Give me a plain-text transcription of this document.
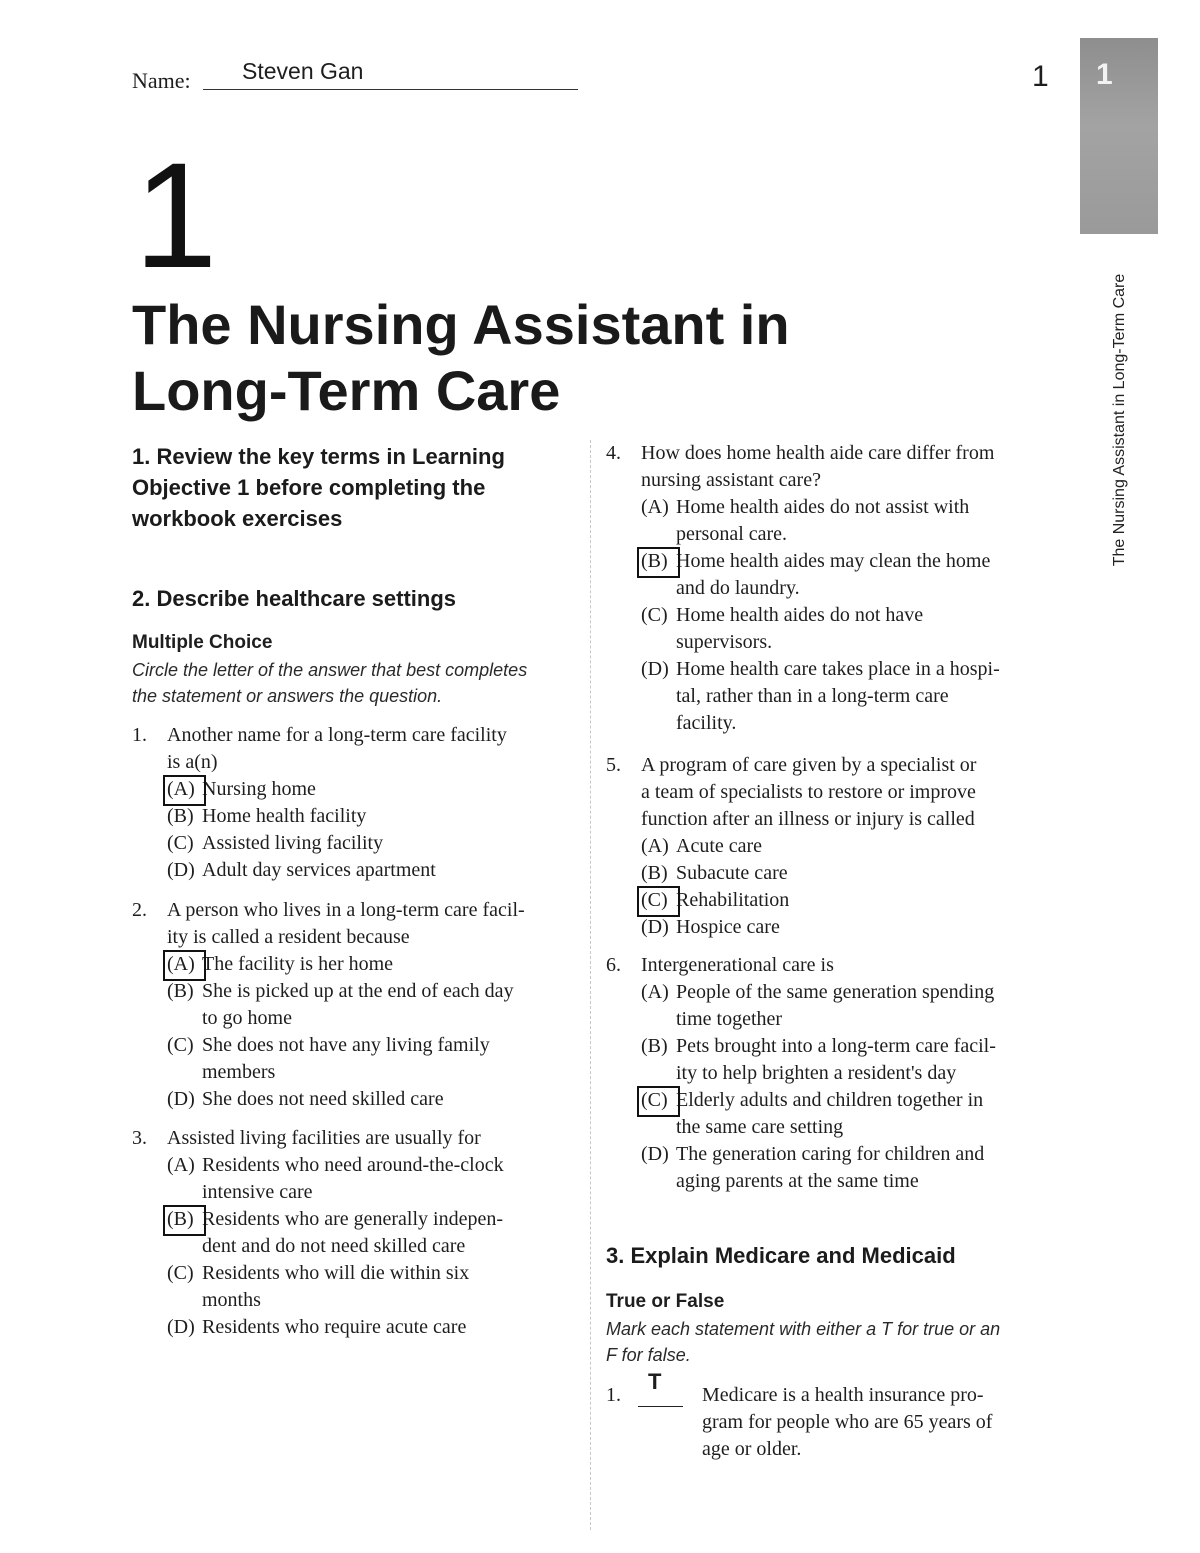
Name: Steven Gan	1 1
The Nursing Assistant in Long-Term Care
1
The Nursing Assistant in
Long-Term Care
1. Review the key terms in Learning
Objective 1 before completing the
workbook exercises
2. Describe healthcare settings
Multiple Choice
Circle the letter of the answer that best completes
the statement or answers the question.
1. Another name for a long-term care facility
is a(n)
(A) Nursing home
(B) Home health facility
(C) Assisted living facility
(D) Adult day services apartment
2. A person who lives in a long-term care facil-
ity is called a resident because
(A) The facility is her home
(B) She is picked up at the end of each day
to go home
(C) She does not have any living family
members
(D) She does not need skilled care
3. Assisted living facilities are usually for
(A) Residents who need around-the-clock
intensive care
(B) Residents who are generally indepen-
dent and do not need skilled care
(C) Residents who will die within six
months
(D) Residents who require acute care
4. How does home health aide care differ from
nursing assistant care?
(A) Home health aides do not assist with
personal care.
(B) Home health aides may clean the home
and do laundry.
(C) Home health aides do not have
supervisors.
(D) Home health care takes place in a hospi-
tal, rather than in a long-term care
facility.
5. A program of care given by a specialist or
a team of specialists to restore or improve
function after an illness or injury is called
(A) Acute care
(B) Subacute care
(C) Rehabilitation
(D) Hospice care
6. Intergenerational care is
(A) People of the same generation spending
time together
(B) Pets brought into a long-term care facil-
ity to help brighten a resident's day
(C) Elderly adults and children together in
the same care setting
(D) The generation caring for children and
aging parents at the same time
3. Explain Medicare and Medicaid
True or False
Mark each statement with either a T for true or an
F for false.
1.
T
Medicare is a health insurance pro-
gram for people who are 65 years of
age or older.
